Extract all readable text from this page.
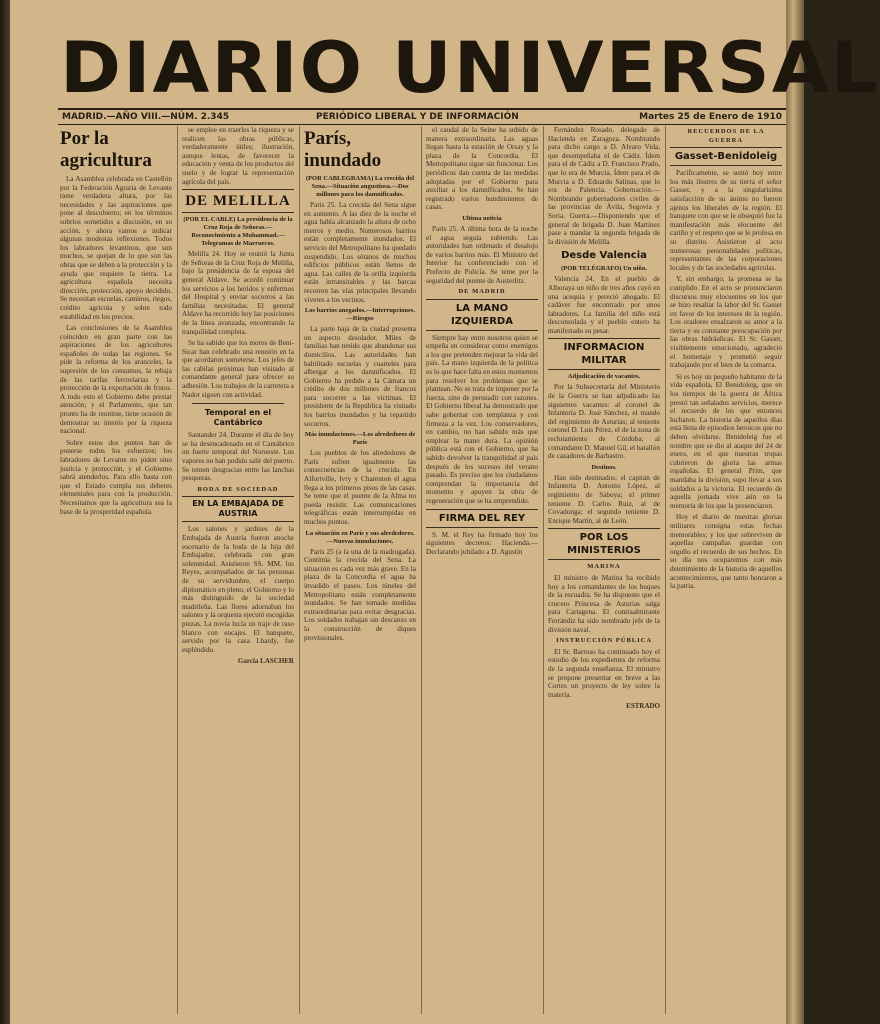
DIARIO UNIVERSAL
MADRID.—AÑO VIII.—NÚM. 2.345	PERIÓDICO LIBERAL Y DE INFORMACIÓN	Martes 25 de Enero de 1910
Por la agricultura

La Asamblea celebrada en Castellón por la Federación Agraria de Levante tiene verdadera altura, por las necesidades y las aspiraciones que pone al descubierto; en los términos sobrios sometidos a discusión, en su acción, y ahora vamos a indicar algunas modestas reflexiones. Todos los labradores levantinos, que son muchos, se quejan de lo que son las obras que se deben a la protección y la ayuda que requiere la tierra. La agricultura española necesita dirección, protección, apoyo decidido. Se necesitan escuelas, caminos, riegos, crédito agrícola y sobre todo estabilidad en los precios.

Las conclusiones de la Asamblea coinciden en gran parte con las aspiraciones de los agricultores españoles de todas las regiones. Se pide la reforma de los aranceles, la supresión de los consumos, la rebaja de las tarifas ferroviarias y la protección de la exportación de frutos. A todo esto el Gobierno debe prestar atención; y el Parlamento, que tan pronto ha de reunirse, tiene ocasión de demostrar su interés por la riqueza nacional.

Sobre estos dos puntos han de ponerse todos los esfuerzos; los labradores de Levante no piden sino justicia y protección, y el Gobierno sabrá atenderlos. Para ello basta con que el Estado cumpla sus deberes elementales para con la producción. Necesitamos que la agricultura sea la base de la prosperidad española.

se emplee en traerles la riqueza y se realicen las obras públicas, verdaderamente útiles; ilustración, aunque lentas, de favorecer la educación y venta de los productos del suelo y de lograr la representación agrícola del país.

DE MELILLA
(POR EL CABLE) La presidencia de la Cruz Roja de Señoras.—Reconocimiento a Muhammad.—Telegramas de Marruecos.

Melilla 24. Hoy se reunió la Junta de Señoras de la Cruz Roja de Melilla, bajo la presidencia de la esposa del general Aldave. Se acordó continuar los servicios a los heridos y enfermos del Hospital y enviar socorros a las familias necesitadas. El general Aldave ha recorrido hoy las posiciones de la línea avanzada, encontrando la tranquilidad completa.

Se ha sabido que los moros de Beni-Sicar han celebrado una reunión en la que acordaron someterse. Los jefes de las cabilas próximas han visitado al comandante general para ofrecer su adhesión. Los trabajos de la carretera a Nador siguen con actividad.

Temporal en el Cantábrico

Santander 24. Durante el día de hoy se ha desencadenado en el Cantábrico un fuerte temporal del Noroeste. Los vapores no han podido salir del puerto. Se temen desgracias entre las lanchas pesqueras.

BODA DE SOCIEDAD
EN LA EMBAJADA DE AUSTRIA

Los salones y jardines de la Embajada de Austria fueron anoche escenario de la boda de la hija del Embajador, celebrada con gran solemnidad. Asistieron SS. MM. los Reyes, acompañados de las personas de su servidumbre, el cuerpo diplomático en pleno, el Gobierno y lo más distinguido de la sociedad madrileña. Las flores adornaban los salones y la orquesta ejecutó escogidas piezas. La novia lucía un traje de raso blanco con encajes. El banquete, servido por la casa Lhardy, fue espléndido.

Garcia LASCHER
París, inundado
(POR CABLEGRAMA) La crecida del Sena.—Situación angustiosa.—Dos millones para los damnificados.

París 25. La crecida del Sena sigue en aumento. A las diez de la noche el agua había alcanzado la altura de ocho metros y medio. Numerosos barrios están completamente inundados. El servicio del Metropolitano ha quedado suspendido. Los sótanos de muchos edificios públicos están llenos de agua. Las calles de la orilla izquierda están intransitables y las barcas recorren las vías principales llevando víveres a los vecinos.

Los barrios anegados.—Interrupciones.—Riesgos

La parte baja de la ciudad presenta un aspecto desolador. Miles de familias han tenido que abandonar sus domicilios. Las autoridades han habilitado escuelas y cuarteles para albergar a los damnificados. El Gobierno ha pedido a la Cámara un crédito de dos millones de francos para socorrer a las víctimas. El presidente de la República ha visitado los barrios inundados y ha repartido socorros.

Más inundaciones.—Los alrededores de París

Los pueblos de los alrededores de París sufren igualmente las consecuencias de la crecida. En Alfortville, Ivry y Charenton el agua llega a los primeros pisos de las casas. Se teme que el puente de la Alma no pueda resistir. Las comunicaciones telegráficas están interrumpidas en muchos puntos.

La situación en París y sus alrededores.—Nuevas inundaciones.

París 25 (a la una de la madrugada). Continúa la crecida del Sena. La situación es cada vez más grave. En la plaza de la Concordia el agua ha invadido el paseo. Los túneles del Metropolitano están completamente inundados. Se han tomado medidas extraordinarias para evitar desgracias. Los soldados trabajan sin descanso en la construcción de diques provisionales.

el caudal de la Seine ha subido de manera extraordinaria. Las aguas llegan hasta la estación de Orsay y la plaza de la Concordia. El Metropolitano sigue sin funcionar. Los periódicos dan cuenta de las medidas adoptadas por el Gobierno para auxiliar a los damnificados. Se han registrado varios hundimientos de casas.

Ultima noticia

París 25. A última hora de la noche el agua seguía subiendo. Las autoridades han ordenado el desalojo de varios barrios más. El Ministro del Interior ha conferenciado con el Prefecto de Policía. Se teme por la seguridad del puente de Austerlitz.

DE MADRID
LA MANO IZQUIERDA

Siempre hay entre nosotros quien se empeña en considerar como enemigos a los que pretenden mejorar la vida del país. La mano izquierda de la política es lo que hace falta en estos momentos para resolver los problemas que se plantean. No se trata de imponer por la fuerza, sino de persuadir con razones. El Gobierno liberal ha demostrado que sabe gobernar con templanza y con firmeza a la vez. Los conservadores, en cambio, no han sabido más que emplear la mano dura. La opinión pública está con el Gobierno, que ha sabido devolver la tranquilidad al país después de los sucesos del verano pasado. Es preciso que los ciudadanos comprendan la importancia del momento y apoyen la obra de regeneración que se ha emprendido.

FIRMA DEL REY

S. M. el Rey ha firmado hoy los siguientes decretos: Hacienda.—Declarando jubilado a D. Agustín

Fernández Rosado, delegado de Hacienda en Zaragoza. Nombrando para dicho cargo a D. Alvaro Vida, que desempeñaba el de Cádiz. Ídem para el de Cádiz a D. Francisco Prado, que lo era de Murcia. Ídem para el de Murcia a D. Eduardo Salinas, que lo era de Palencia. Gobernación.—Nombrando gobernadores civiles de las provincias de Ávila, Segovia y Soria. Guerra.—Disponiendo que el general de brigada D. Juan Martínez pase a mandar la segunda brigada de la división de Melilla.

Desde Valencia
(POR TELÉGRAFO) Un niño.

Valencia 24. En el pueblo de Alboraya un niño de tres años cayó en una acequia y pereció ahogado. El cadáver fue encontrado por unos labradores. La familia del niño está desconsolada y el pueblo entero ha manifestado su pesar.

INFORMACION MILITAR
Adjudicación de vacantes.

Por la Subsecretaría del Ministerio de la Guerra se han adjudicado las siguientes vacantes: al coronel de Infantería D. José Sánchez, el mando del regimiento de Asturias; al teniente coronel D. Luis Pérez, el de la zona de reclutamiento de Córdoba; al comandante D. Manuel Gil, el batallón de cazadores de Barbastro.

Destinos.

Han sido destinados: el capitán de Infantería D. Antonio López, al regimiento de Saboya; el primer teniente D. Carlos Ruiz, al de Covadonga; el segundo teniente D. Enrique Martín, al de León.

POR LOS MINISTERIOS
MARINA

El ministro de Marina ha recibido hoy a los comandantes de los buques de la escuadra. Se ha dispuesto que el crucero Princesa de Asturias salga para Cartagena. El contraalmirante Ferrándiz ha sido nombrado jefe de la división naval.

INSTRUCCIÓN PÚBLICA

El Sr. Barroso ha continuado hoy el estudio de los expedientes de reforma de la segunda enseñanza. El ministro se propone presentar en breve a las Cortes un proyecto de ley sobre la materia.

ESTRADO
RECUERDOS DE LA GUERRA
Gasset-Benidoleig

Pacíficamente, se sentó hoy entre los más ilustres de su tierra el señor Gasset, y a la singularísima satisfacción de su ánimo no fueron ajenos los liberales de la región. El banquete con que se le obsequió fue la manifestación más elocuente del cariño y el respeto que se le profesa en su distrito. Asistieron al acto numerosas personalidades políticas, representantes de las corporaciones locales y de las sociedades agrícolas.

Y, sin embargo, la promesa se ha cumplido. En el acto se pronunciaron discursos muy elocuentes en los que se hizo resaltar la labor del Sr. Gasset en favor de los intereses de la región. Los oradores ensalzaron su amor a la tierra y su constante preocupación por las obras hidráulicas. El Sr. Gasset, visiblemente emocionado, agradeció el homenaje y prometió seguir trabajando por el bien de la comarca.

Si es hoy un pequeño habitante de la vida española, El Benidoleig, que en los tiempos de la guerra de África prestó tan señalados servicios, merece el recuerdo de los que entonces lucharon. La historia de aquellos días está llena de episodios heroicos que no deben olvidarse. Benidoleig fue el nombre que se dio al ataque del 24 de enero, en el que nuestras tropas cubrieron de gloria las armas españolas. El general Prim, que mandaba la división, supo llevar a sus soldados a la victoria. El recuerdo de aquella jornada vive aún en la memoria de los que la presenciaron.

Hoy el diario de nuestras glorias militares consigna estas fechas memorables; y los que sobreviven de aquellas campañas guardan con orgullo el recuerdo de sus hechos. En su día nos ocuparemos con más detenimiento de la historia de aquellos acontecimientos, que tanto honraron a la patria.
